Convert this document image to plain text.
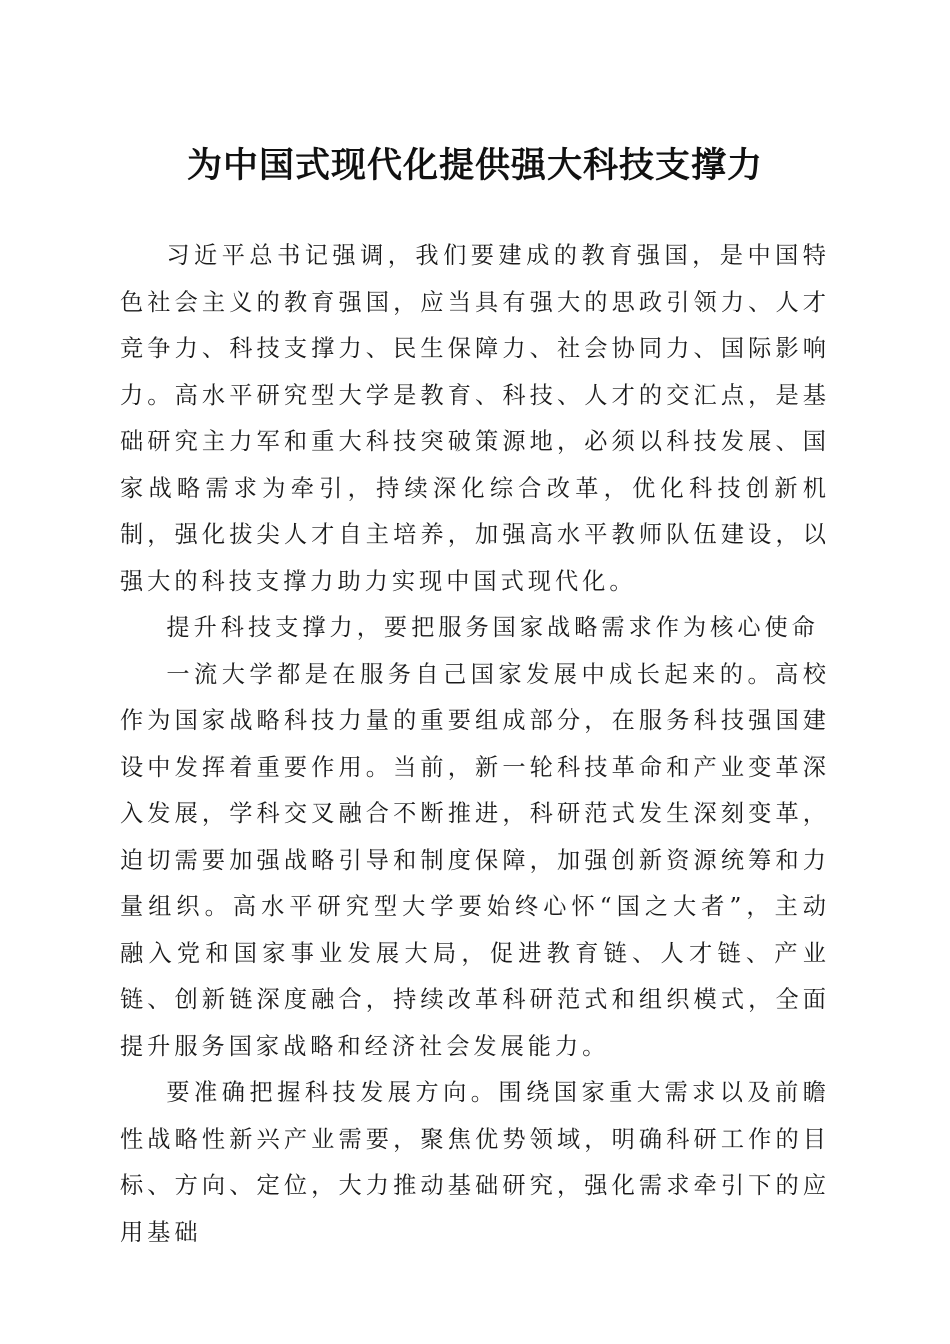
为中国式现代化提供强大科技支撑力

习近平总书记强调，我们要建成的教育强国，是中国特色社会主义的教育强国，应当具有强大的思政引领力、人才竞争力、科技支撑力、民生保障力、社会协同力、国际影响力。高水平研究型大学是教育、科技、人才的交汇点，是基础研究主力军和重大科技突破策源地，必须以科技发展、国家战略需求为牵引，持续深化综合改革，优化科技创新机制，强化拔尖人才自主培养，加强高水平教师队伍建设，以强大的科技支撑力助力实现中国式现代化。

提升科技支撑力，要把服务国家战略需求作为核心使命

一流大学都是在服务自己国家发展中成长起来的。高校作为国家战略科技力量的重要组成部分，在服务科技强国建设中发挥着重要作用。当前，新一轮科技革命和产业变革深入发展，学科交叉融合不断推进，科研范式发生深刻变革，迫切需要加强战略引导和制度保障，加强创新资源统筹和力量组织。高水平研究型大学要始终心怀“国之大者”，主动融入党和国家事业发展大局，促进教育链、人才链、产业链、创新链深度融合，持续改革科研范式和组织模式，全面提升服务国家战略和经济社会发展能力。

要准确把握科技发展方向。围绕国家重大需求以及前瞻性战略性新兴产业需要，聚焦优势领域，明确科研工作的目标、方向、定位，大力推动基础研究，强化需求牵引下的应用基础
